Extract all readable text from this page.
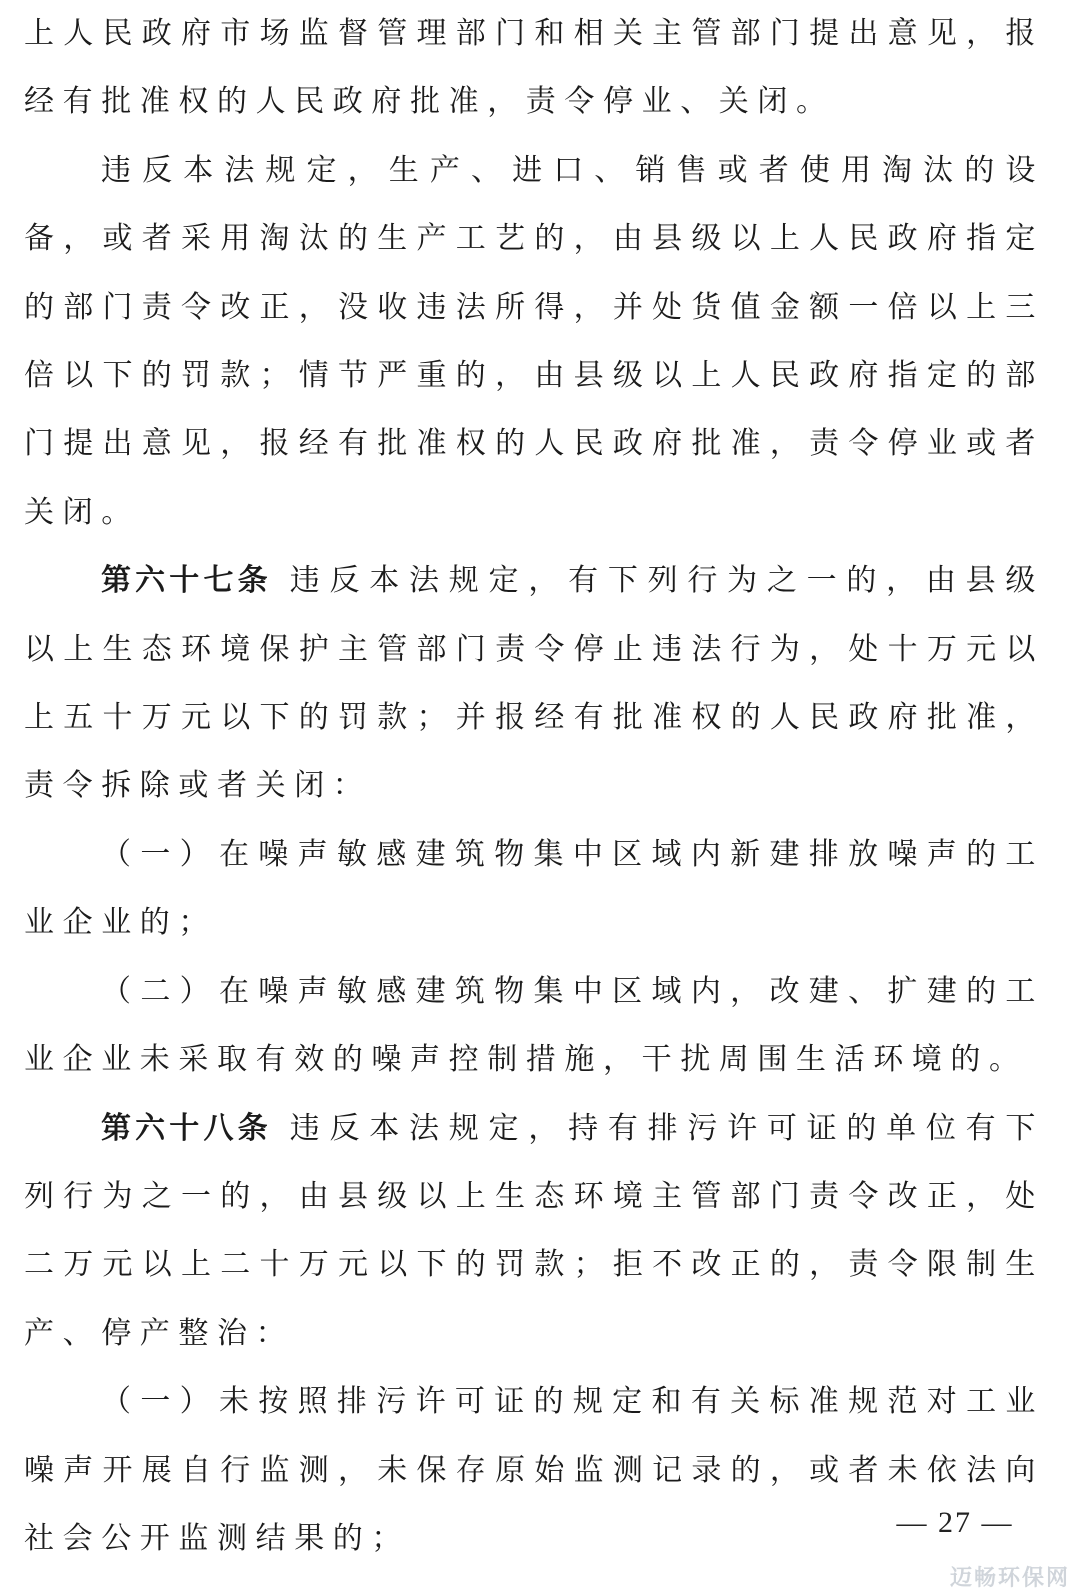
上人民政府市场监督管理部门和相关主管部门提出意见，报经有批准权的人民政府批准，责令停业、关闭。

违反本法规定，生产、进口、销售或者使用淘汰的设备，或者采用淘汰的生产工艺的，由县级以上人民政府指定的部门责令改正，没收违法所得，并处货值金额一倍以上三倍以下的罚款；情节严重的，由县级以上人民政府指定的部门提出意见，报经有批准权的人民政府批准，责令停业或者关闭。

第六十七条 违反本法规定，有下列行为之一的，由县级以上生态环境保护主管部门责令停止违法行为，处十万元以上五十万元以下的罚款；并报经有批准权的人民政府批准，责令拆除或者关闭：

（一）在噪声敏感建筑物集中区域内新建排放噪声的工业企业的；

（二）在噪声敏感建筑物集中区域内，改建、扩建的工业企业未采取有效的噪声控制措施，干扰周围生活环境的。

第六十八条 违反本法规定，持有排污许可证的单位有下列行为之一的，由县级以上生态环境主管部门责令改正，处二万元以上二十万元以下的罚款；拒不改正的，责令限制生产、停产整治：

（一）未按照排污许可证的规定和有关标准规范对工业噪声开展自行监测，未保存原始监测记录的，或者未依法向社会公开监测结果的；	— 27 —
迈畅环保网
